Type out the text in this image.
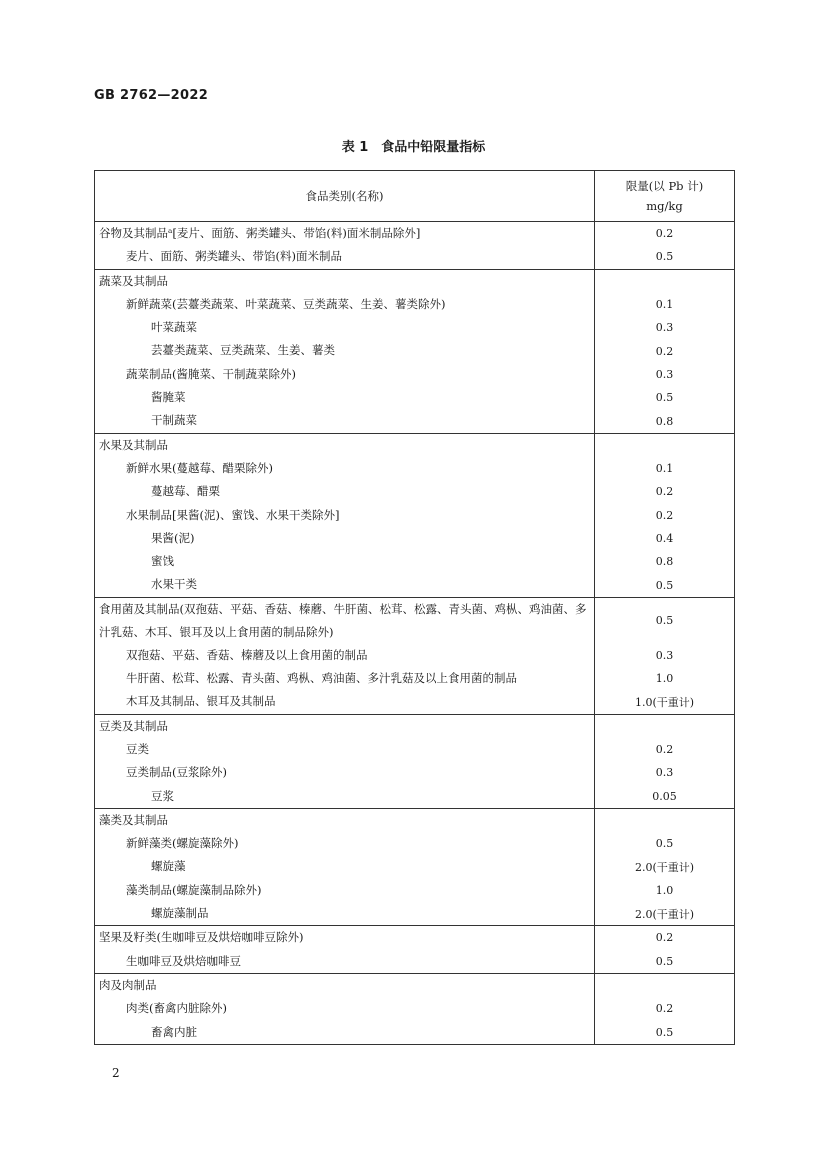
GB 2762—2022
表 1　食品中铅限量指标
食品类别(名称)	限量(以 Pb 计)
mg/kg

谷物及其制品ᵃ[麦片、面筋、粥类罐头、带馅(料)面米制品除外]	0.2
麦片、面筋、粥类罐头、带馅(料)面米制品	0.5
蔬菜及其制品	
新鲜蔬菜(芸薹类蔬菜、叶菜蔬菜、豆类蔬菜、生姜、薯类除外)	0.1
叶菜蔬菜	0.3
芸薹类蔬菜、豆类蔬菜、生姜、薯类	0.2
蔬菜制品(酱腌菜、干制蔬菜除外)	0.3
酱腌菜	0.5
干制蔬菜	0.8
水果及其制品	
新鲜水果(蔓越莓、醋栗除外)	0.1
蔓越莓、醋栗	0.2
水果制品[果酱(泥)、蜜饯、水果干类除外]	0.2
果酱(泥)	0.4
蜜饯	0.8
水果干类	0.5
食用菌及其制品(双孢菇、平菇、香菇、榛蘑、牛肝菌、松茸、松露、青头菌、鸡枞、鸡油菌、多汁乳菇、木耳、银耳及以上食用菌的制品除外)	0.5
双孢菇、平菇、香菇、榛蘑及以上食用菌的制品	0.3
牛肝菌、松茸、松露、青头菌、鸡枞、鸡油菌、多汁乳菇及以上食用菌的制品	1.0
木耳及其制品、银耳及其制品	1.0(干重计)
豆类及其制品	
豆类	0.2
豆类制品(豆浆除外)	0.3
豆浆	0.05
藻类及其制品	
新鲜藻类(螺旋藻除外)	0.5
螺旋藻	2.0(干重计)
藻类制品(螺旋藻制品除外)	1.0
螺旋藻制品	2.0(干重计)
坚果及籽类(生咖啡豆及烘焙咖啡豆除外)	0.2
生咖啡豆及烘焙咖啡豆	0.5
肉及肉制品	
肉类(畜禽内脏除外)	0.2
畜禽内脏	0.5
2
